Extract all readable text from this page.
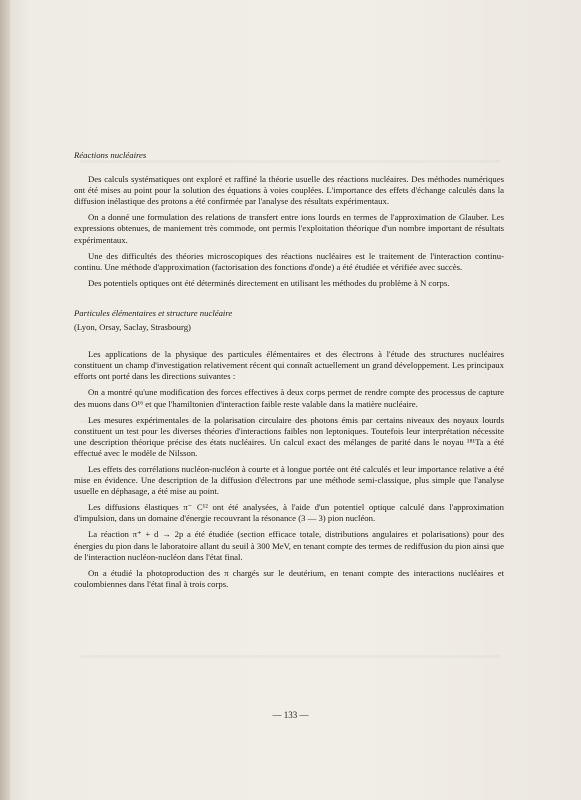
Réactions nucléaires

Des calculs systématiques ont exploré et raffiné la théorie usuelle des réactions nucléaires. Des méthodes numériques ont été mises au point pour la solution des équations à voies couplées. L'importance des effets d'échange calculés dans la diffusion inélastique des protons a été confirmée par l'analyse des résultats expérimentaux.

On a donné une formulation des relations de transfert entre ions lourds en termes de l'approximation de Glauber. Les expressions obtenues, de maniement très commode, ont permis l'exploitation théorique d'un nombre important de résultats expérimentaux.

Une des difficultés des théories microscopiques des réactions nucléaires est le traitement de l'interaction continu-continu. Une méthode d'approximation (factorisation des fonctions d'onde) a été étudiée et vérifiée avec succès.

Des potentiels optiques ont été déterminés directement en utilisant les méthodes du problème à N corps.

Particules élémentaires et structure nucléaire
(Lyon, Orsay, Saclay, Strasbourg)

Les applications de la physique des particules élémentaires et des électrons à l'étude des structures nucléaires constituent un champ d'investigation relativement récent qui connaît actuellement un grand développement. Les principaux efforts ont porté dans les directions suivantes :

On a montré qu'une modification des forces effectives à deux corps permet de rendre compte des processus de capture des muons dans O¹⁶ et que l'hamiltonien d'interaction faible reste valable dans la matière nucléaire.

Les mesures expérimentales de la polarisation circulaire des photons émis par certains niveaux des noyaux lourds constituent un test pour les diverses théories d'interactions faibles non leptoniques. Toutefois leur interprétation nécessite une description théorique précise des états nucléaires. Un calcul exact des mélanges de parité dans le noyau ¹⁸¹Ta a été effectué avec le modèle de Nilsson.

Les effets des corrélations nucléon-nucléon à courte et à longue portée ont été calculés et leur importance relative a été mise en évidence. Une description de la diffusion d'électrons par une méthode semi-classique, plus simple que l'analyse usuelle en déphasage, a été mise au point.

Les diffusions élastiques π⁻ C¹² ont été analysées, à l'aide d'un potentiel optique calculé dans l'approximation d'impulsion, dans un domaine d'énergie recouvrant la résonance (3 — 3) pion nucléon.

La réaction π⁺ + d → 2p a été étudiée (section efficace totale, distributions angulaires et polarisations) pour des énergies du pion dans le laboratoire allant du seuil à 300 MeV, en tenant compte des termes de rediffusion du pion ainsi que de l'interaction nucléon-nucléon dans l'état final.

On a étudié la photoproduction des π chargés sur le deutérium, en tenant compte des interactions nucléaires et coulombiennes dans l'état final à trois corps.

— 133 —
